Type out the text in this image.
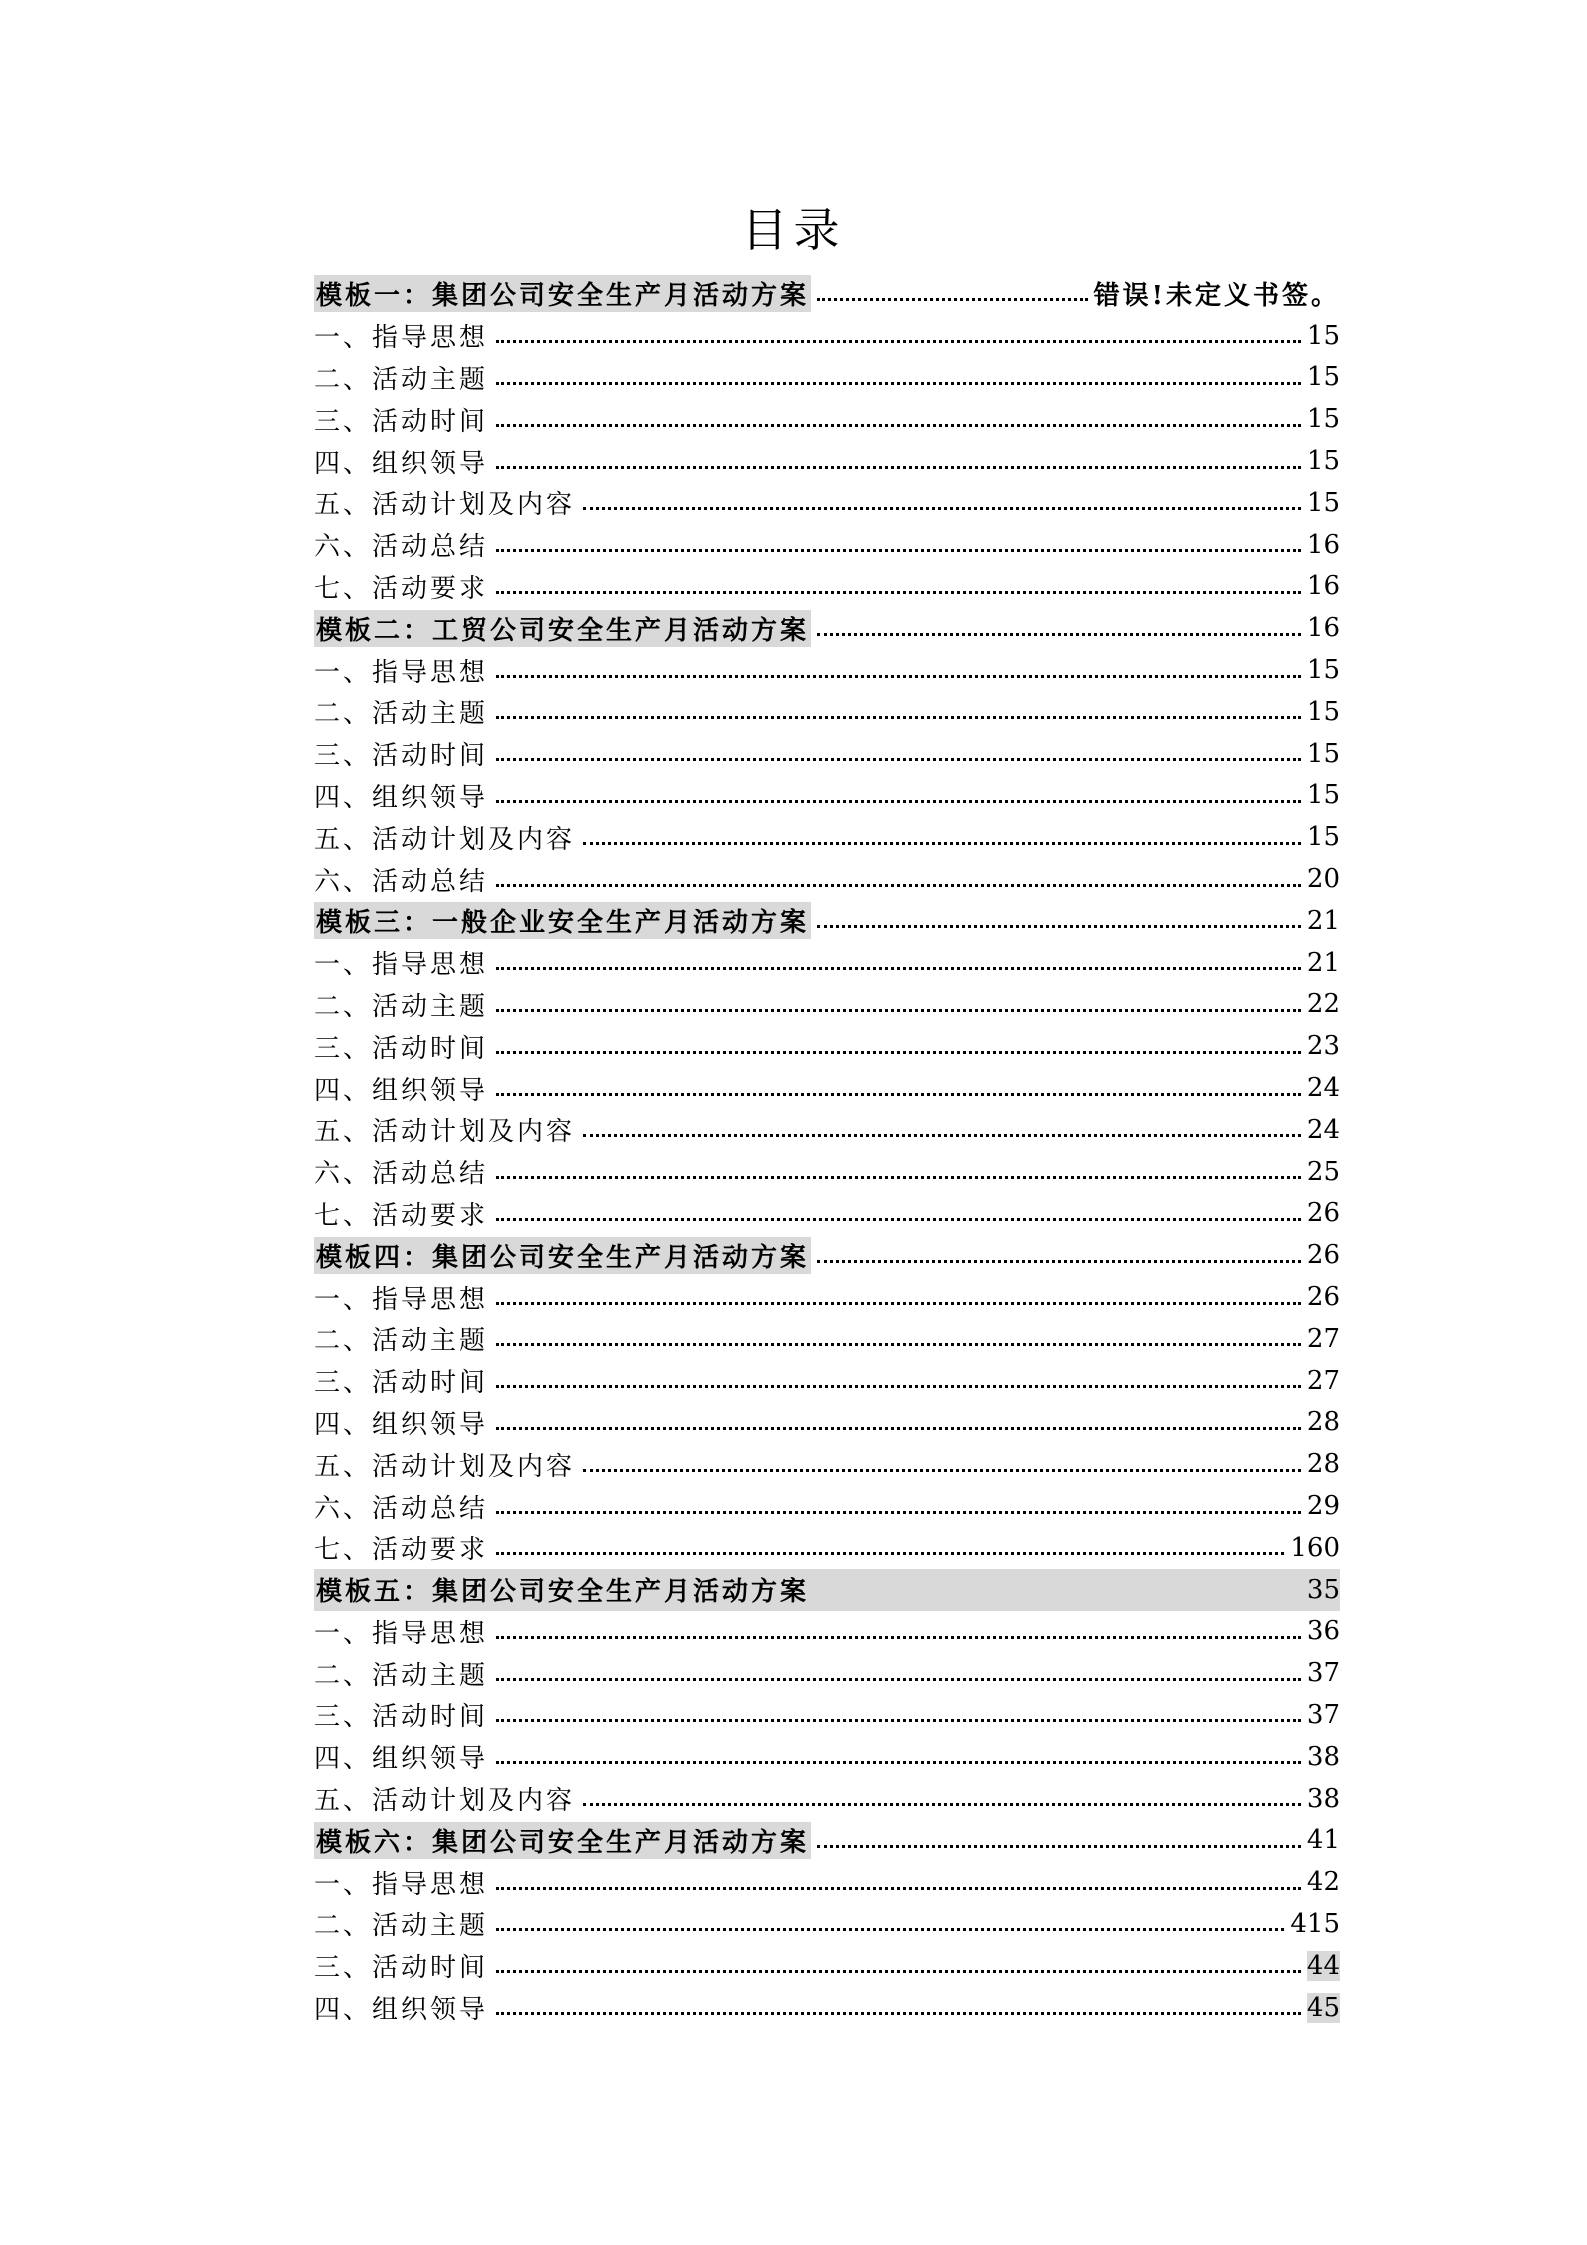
目录
模板一：集团公司安全生产月活动方案	错误!未定义书签。
一、指导思想	15
二、活动主题	15
三、活动时间	15
四、组织领导	15
五、活动计划及内容	15
六、活动总结	16
七、活动要求	16
模板二：工贸公司安全生产月活动方案	16
一、指导思想	15
二、活动主题	15
三、活动时间	15
四、组织领导	15
五、活动计划及内容	15
六、活动总结	20
模板三：一般企业安全生产月活动方案	21
一、指导思想	21
二、活动主题	22
三、活动时间	23
四、组织领导	24
五、活动计划及内容	24
六、活动总结	25
七、活动要求	26
模板四：集团公司安全生产月活动方案	26
一、指导思想	26
二、活动主题	27
三、活动时间	27
四、组织领导	28
五、活动计划及内容	28
六、活动总结	29
七、活动要求	160
模板五：集团公司安全生产月活动方案	35
一、指导思想	36
二、活动主题	37
三、活动时间	37
四、组织领导	38
五、活动计划及内容	38
模板六：集团公司安全生产月活动方案	41
一、指导思想	42
二、活动主题	415
三、活动时间	44
四、组织领导	45
